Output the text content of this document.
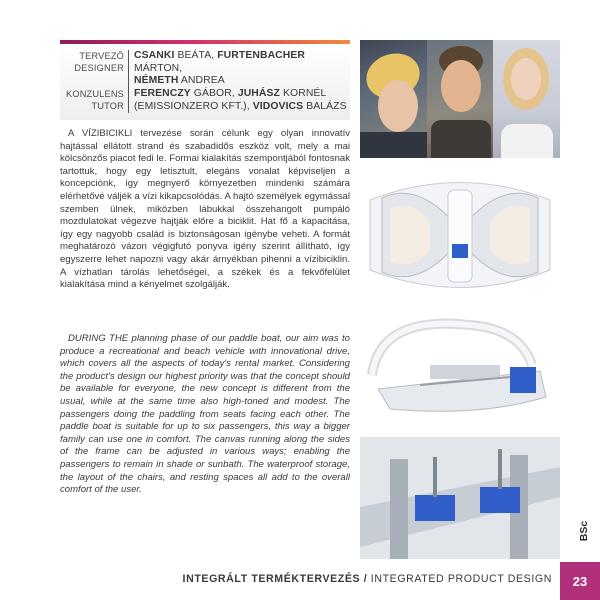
TERVEZŐ
DESIGNER
CSANKI BEÁTA, FURTENBACHER MÁRTON,
NÉMETH ANDREA
KONZULENS
TUTOR
FERENCZY GÁBOR, JUHÁSZ KORNÉL
(EMISSIONZERO KFT.), VIDOVICS BALÁZS

A VÍZIBICIKLI tervezése során célunk egy olyan innovatív hajtással ellátott strand és szabadidős eszköz volt, mely a mai kölcsönzős piacot fedi le. Formai kialakítás szempontjából fontosnak tartottuk, hogy egy letisztult, elegáns vonalat képviseljen a koncepciónk, így megnyerő környezetben mindenki számára elérhetővé váljék a vízi kikapcsolódás. A hajtó személyek egymással szemben ülnek, miközben lábukkal összehangolt pumpáló mozdulatokat végezve hajtják előre a biciklit. Hat fő a kapacitása, így egy nagyobb család is biztonságosan igénybe veheti. A formát meghatározó vázon végigfutó ponyva igény szerint állítható, így egyszerre lehet napozni vagy akár árnyékban pihenni a vízibiciklin. A vízhatlan tárolás lehetőségei, a székek és a fekvőfelület kialakítása mind a kényelmet szolgálják.

DURING THE planning phase of our paddle boat, our aim was to produce a recreational and beach vehicle with innovational drive, which covers all the aspects of today's rental market. Considering the product's design our highest priority was that the concept should be available for everyone, the new concept is different from the usual, while at the same time also high-toned and modest. The passengers doing the paddling from seats facing each other. The paddle boat is suitable for up to six passengers, this way a bigger family can use one in comfort. The canvas running along the sides of the frame can be adjusted in various ways; enabling the passengers to remain in shade or sunbath. The waterproof storage, the layout of the chairs, and resting spaces all add to the overall comfort of the user.

BSc
INTEGRÁLT TERMÉKTERVEZÉS / INTEGRATED PRODUCT DESIGN	23
